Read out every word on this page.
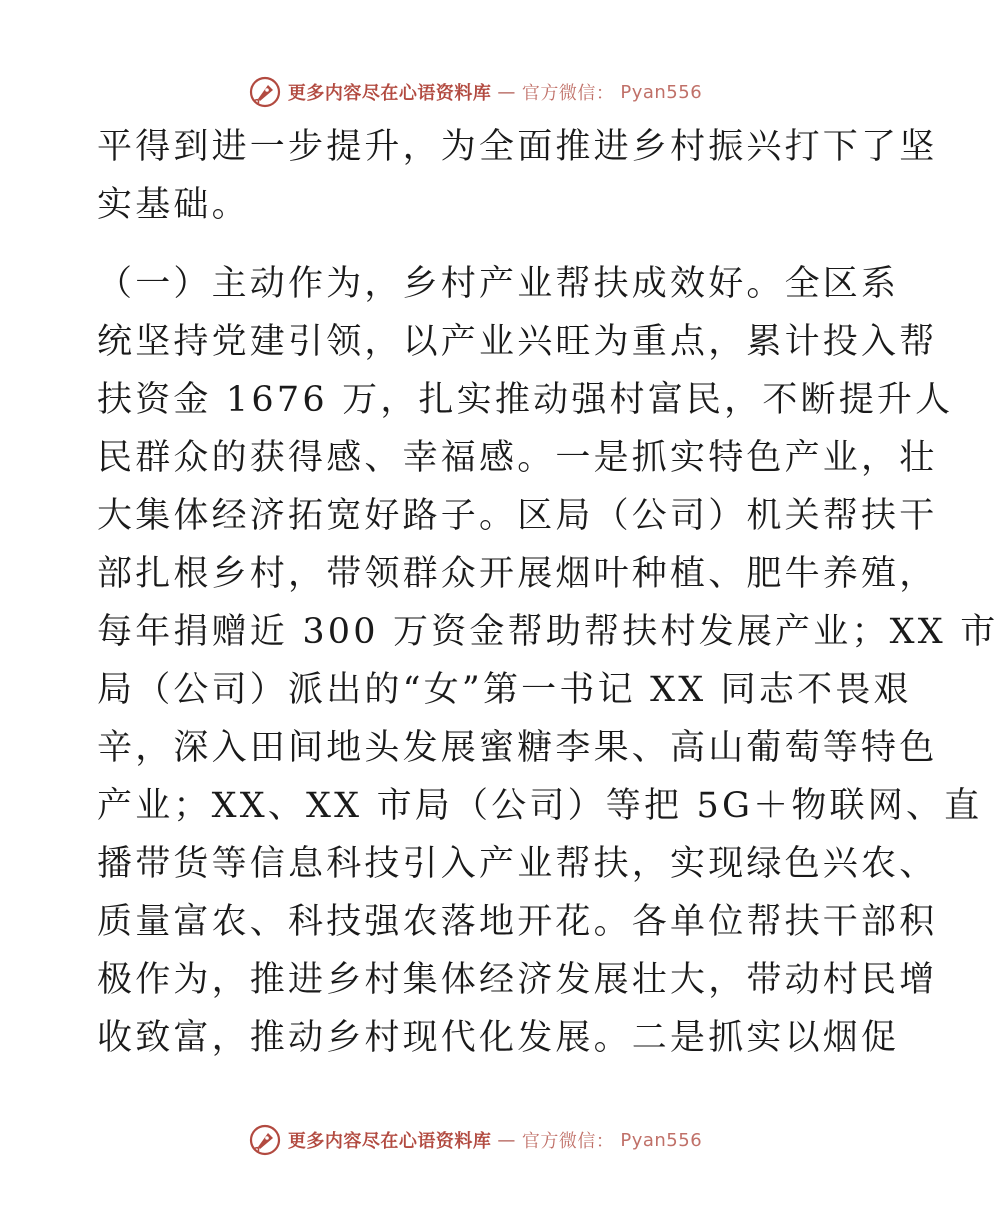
更多内容尽在心语资料库 — 官方微信： Pyan556

平得到进一步提升，为全面推进乡村振兴打下了坚
实基础。

（一）主动作为，乡村产业帮扶成效好。全区系
统坚持党建引领，以产业兴旺为重点，累计投入帮
扶资金 1676 万，扎实推动强村富民，不断提升人
民群众的获得感、幸福感。一是抓实特色产业，壮
大集体经济拓宽好路子。区局（公司）机关帮扶干
部扎根乡村，带领群众开展烟叶种植、肥牛养殖，
每年捐赠近 300 万资金帮助帮扶村发展产业；XX 市
局（公司）派出的“女”第一书记 XX 同志不畏艰
辛，深入田间地头发展蜜糖李果、高山葡萄等特色
产业；XX、XX 市局（公司）等把 5G＋物联网、直
播带货等信息科技引入产业帮扶，实现绿色兴农、
质量富农、科技强农落地开花。各单位帮扶干部积
极作为，推进乡村集体经济发展壮大，带动村民增
收致富，推动乡村现代化发展。二是抓实以烟促

更多内容尽在心语资料库 — 官方微信： Pyan556
